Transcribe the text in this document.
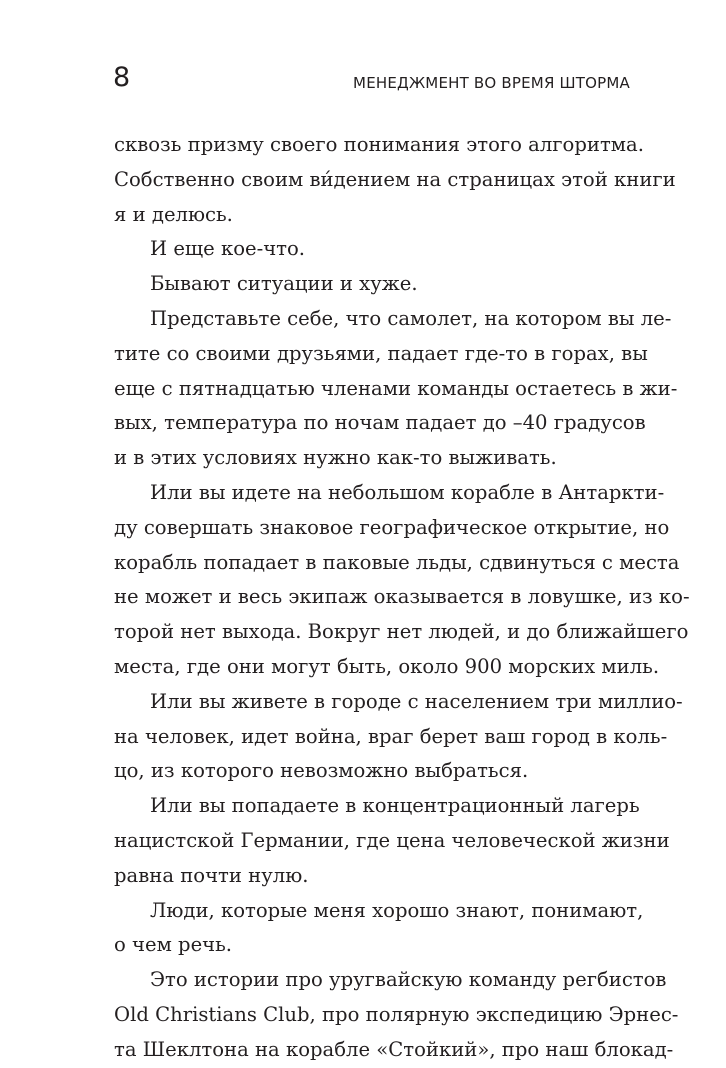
8	МЕНЕДЖМЕНТ ВО ВРЕМЯ ШТОРМА
сквозь призму своего понимания этого алгоритма.
Собственно своим ви́дением на страницах этой книги
я и делюсь.
И еще кое-что.
Бывают ситуации и хуже.
Представьте себе, что самолет, на котором вы ле-
тите со своими друзьями, падает где-то в горах, вы
еще с пятнадцатью членами команды остаетесь в жи-
вых, температура по ночам падает до –40 градусов
и в этих условиях нужно как-то выживать.
Или вы идете на небольшом корабле в Антаркти-
ду совершать знаковое географическое открытие, но
корабль попадает в паковые льды, сдвинуться с места
не может и весь экипаж оказывается в ловушке, из ко-
торой нет выхода. Вокруг нет людей, и до ближайшего
места, где они могут быть, около 900 морских миль.
Или вы живете в городе с населением три миллио-
на человек, идет война, враг берет ваш город в коль-
цо, из которого невозможно выбраться.
Или вы попадаете в концентрационный лагерь
нацистской Германии, где цена человеческой жизни
равна почти нулю.
Люди, которые меня хорошо знают, понимают,
о чем речь.
Это истории про уругвайскую команду регбистов
Old Christians Club, про полярную экспедицию Эрнес-
та Шеклтона на корабле «Стойкий», про наш блокад-
